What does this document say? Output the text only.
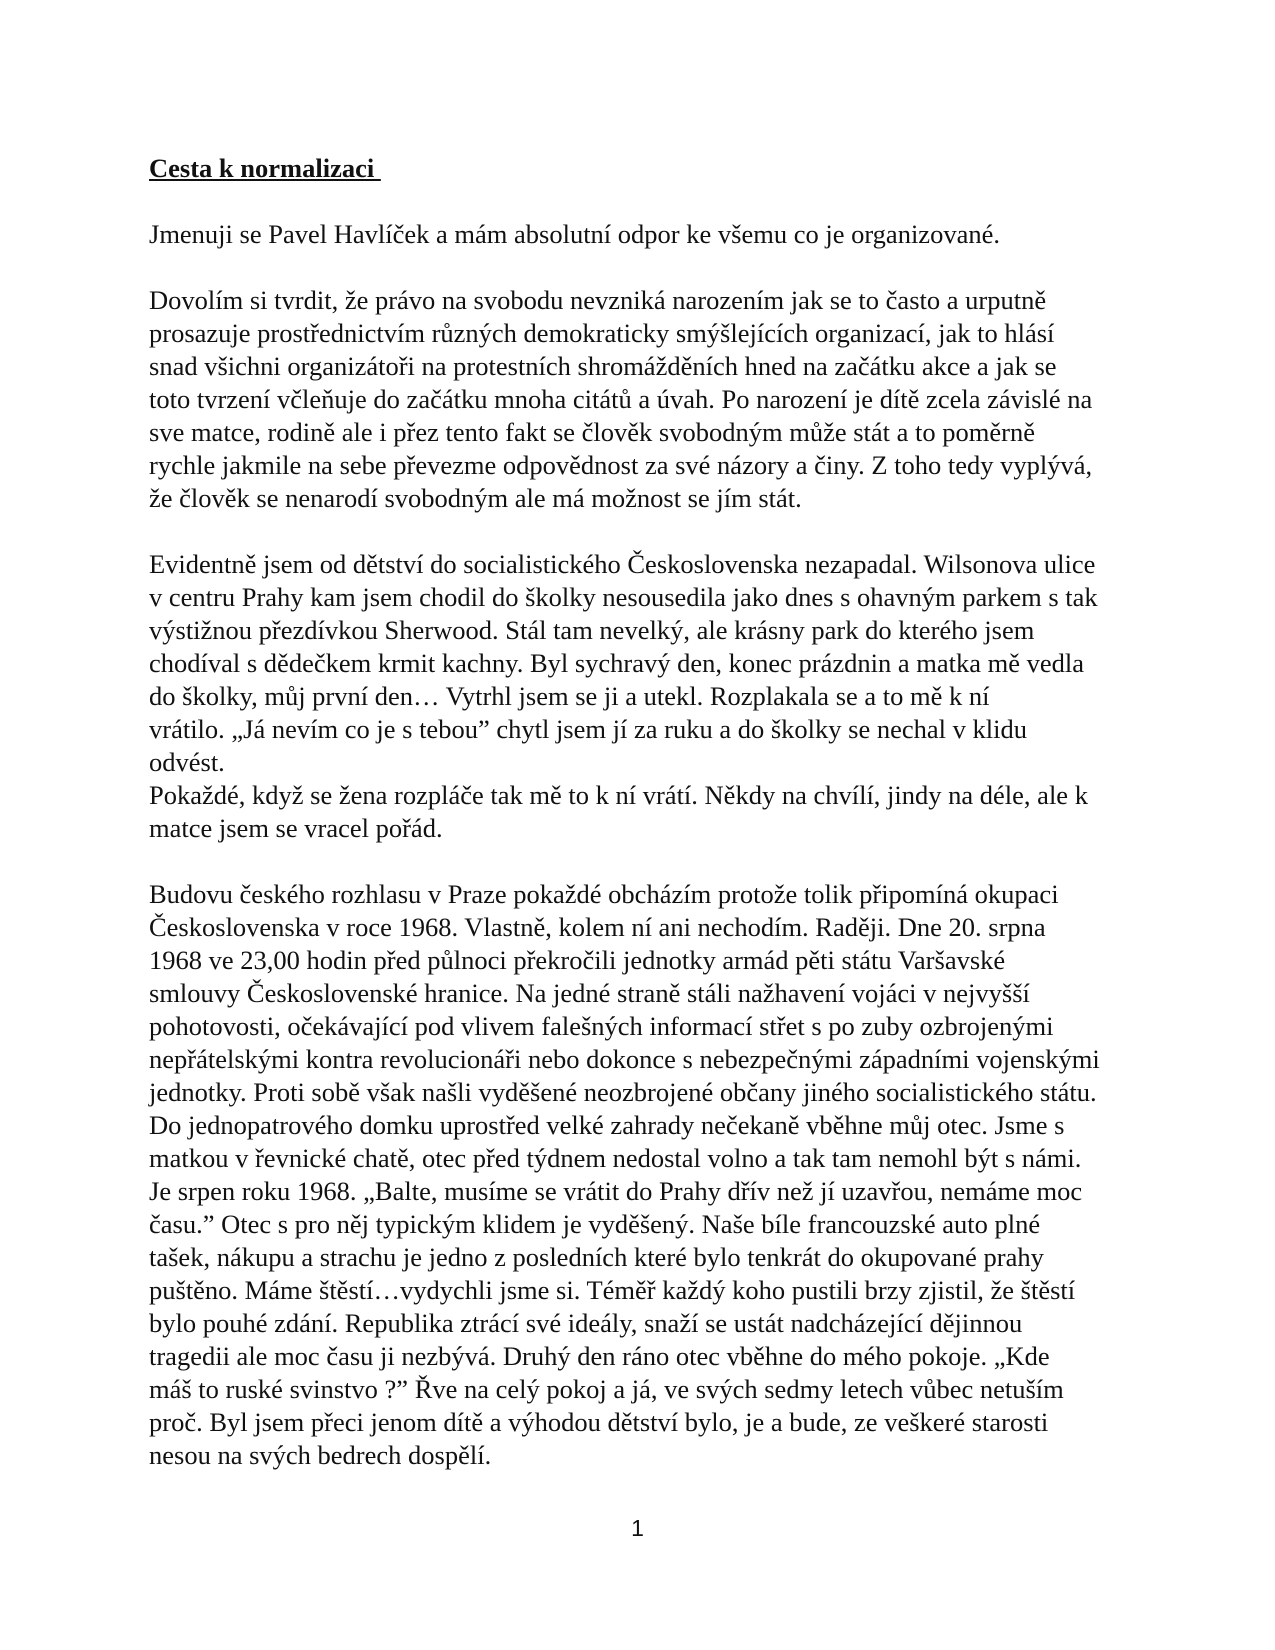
Cesta k normalizaci
Jmenuji se Pavel Havlíček a mám absolutní odpor ke všemu co je organizované.
Dovolím si tvrdit, že právo na svobodu nevzniká narozením jak se to často a urputně
prosazuje prostřednictvím různých demokraticky smýšlejících organizací, jak to hlásí
snad všichni organizátoři na protestních shromážděních hned na začátku akce a jak se
toto tvrzení včleňuje do začátku mnoha citátů a úvah. Po narození je dítě zcela závislé na
sve matce, rodině ale i přez tento fakt se člověk svobodným může stát a to poměrně
rychle jakmile na sebe převezme odpovědnost za své názory a činy. Z toho tedy vyplývá,
že člověk se nenarodí svobodným ale má možnost se jím stát.
Evidentně jsem od dětství do socialistického Československa nezapadal. Wilsonova ulice
v centru Prahy kam jsem chodil do školky nesousedila jako dnes s ohavným parkem s tak
výstižnou přezdívkou Sherwood. Stál tam nevelký, ale krásny park do kterého jsem
chodíval s dědečkem krmit kachny. Byl sychravý den, konec prázdnin a matka mě vedla
do školky, můj první den… Vytrhl jsem se ji a utekl. Rozplakala se a to mě k ní
vrátilo. „Já nevím co je s tebou” chytl jsem jí za ruku a do školky se nechal v klidu
odvést.
Pokaždé, když se žena rozpláče tak mě to k ní vrátí. Někdy na chvílí, jindy na déle, ale k
matce jsem se vracel pořád.
Budovu českého rozhlasu v Praze pokaždé obcházím protože tolik připomíná okupaci
Československa v roce 1968. Vlastně, kolem ní ani nechodím. Raději. Dne 20. srpna
1968 ve 23,00 hodin před půlnoci překročili jednotky armád pěti státu Varšavské
smlouvy Československé hranice. Na jedné straně stáli nažhavení vojáci v nejvyšší
pohotovosti, očekávající pod vlivem falešných informací střet s po zuby ozbrojenými
nepřátelskými kontra revolucionáři nebo dokonce s nebezpečnými západními vojenskými
jednotky. Proti sobě však našli vyděšené neozbrojené občany jiného socialistického státu.
Do jednopatrového domku uprostřed velké zahrady nečekaně vběhne můj otec. Jsme s
matkou v řevnické chatě, otec před týdnem nedostal volno a tak tam nemohl být s námi.
Je srpen roku 1968. „Balte, musíme se vrátit do Prahy dřív než jí uzavřou, nemáme moc
času.” Otec s pro něj typickým klidem je vyděšený. Naše bíle francouzské auto plné
tašek, nákupu a strachu je jedno z posledních které bylo tenkrát do okupované prahy
puštěno. Máme štěstí…vydychli jsme si. Téměř každý koho pustili brzy zjistil, že štěstí
bylo pouhé zdání. Republika ztrácí své ideály, snaží se ustát nadcházející dějinnou
tragedii ale moc času ji nezbývá. Druhý den ráno otec vběhne do mého pokoje. „Kde
máš to ruské svinstvo ?” Řve na celý pokoj a já, ve svých sedmy letech vůbec netuším
proč. Byl jsem přeci jenom dítě a výhodou dětství bylo, je a bude, ze veškeré starosti
nesou na svých bedrech dospělí.
1
